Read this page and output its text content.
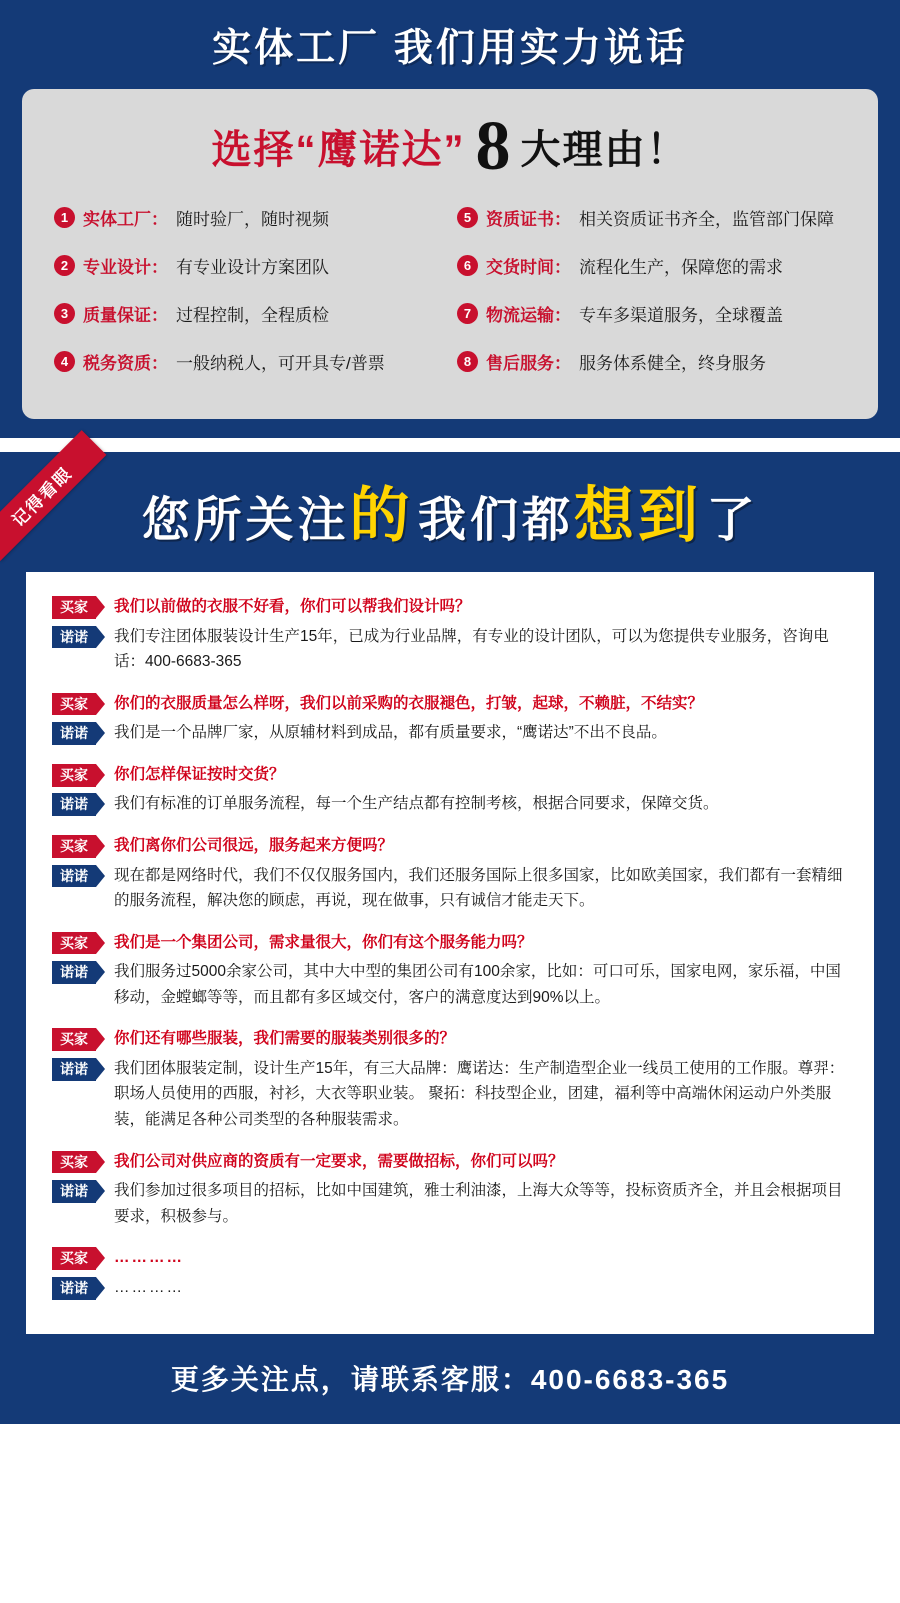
实体工厂 我们用实力说话
选择“鹰诺达” 8 大理由！
1 实体工厂： 随时验厂，随时视频	5 资质证书： 相关资质证书齐全，监管部门保障
2 专业设计： 有专业设计方案团队	6 交货时间： 流程化生产，保障您的需求
3 质量保证： 过程控制，全程质检	7 物流运输： 专车多渠道服务，全球覆盖
4 税务资质： 一般纳税人，可开具专/普票	8 售后服务： 服务体系健全，终身服务
记得看眼	您所关注的 我们都想到 了
买家	我们以前做的衣服不好看，你们可以帮我们设计吗？
诺诺	我们专注团体服装设计生产15年，已成为行业品牌，有专业的设计团队，可以为您提供专业服务，咨询电话：400-6683-365
买家	你们的衣服质量怎么样呀，我们以前采购的衣服褪色，打皱，起球，不赖脏，不结实？
诺诺	我们是一个品牌厂家，从原辅材料到成品，都有质量要求，“鹰诺达”不出不良品。
买家	你们怎样保证按时交货？
诺诺	我们有标准的订单服务流程，每一个生产结点都有控制考核，根据合同要求，保障交货。
买家	我们离你们公司很远，服务起来方便吗？
诺诺	现在都是网络时代，我们不仅仅服务国内，我们还服务国际上很多国家，比如欧美国家，我们都有一套精细的服务流程，解决您的顾虑，再说，现在做事，只有诚信才能走天下。
买家	我们是一个集团公司，需求量很大，你们有这个服务能力吗？
诺诺	我们服务过5000余家公司，其中大中型的集团公司有100余家，比如：可口可乐，国家电网，家乐福，中国移动，金螳螂等等，而且都有多区域交付，客户的满意度达到90%以上。
买家	你们还有哪些服装，我们需要的服装类别很多的？
诺诺	我们团体服装定制，设计生产15年，有三大品牌：鹰诺达：生产制造型企业一线员工使用的工作服。尊羿：职场人员使用的西服，衬衫，大衣等职业装。 聚拓：科技型企业，团建，福利等中高端休闲运动户外类服装，能满足各种公司类型的各种服装需求。
买家	我们公司对供应商的资质有一定要求，需要做招标，你们可以吗？
诺诺	我们参加过很多项目的招标，比如中国建筑，雅士利油漆，上海大众等等，投标资质齐全，并且会根据项目要求，积极参与。
买家	…………
诺诺	…………
更多关注点，请联系客服：400-6683-365
